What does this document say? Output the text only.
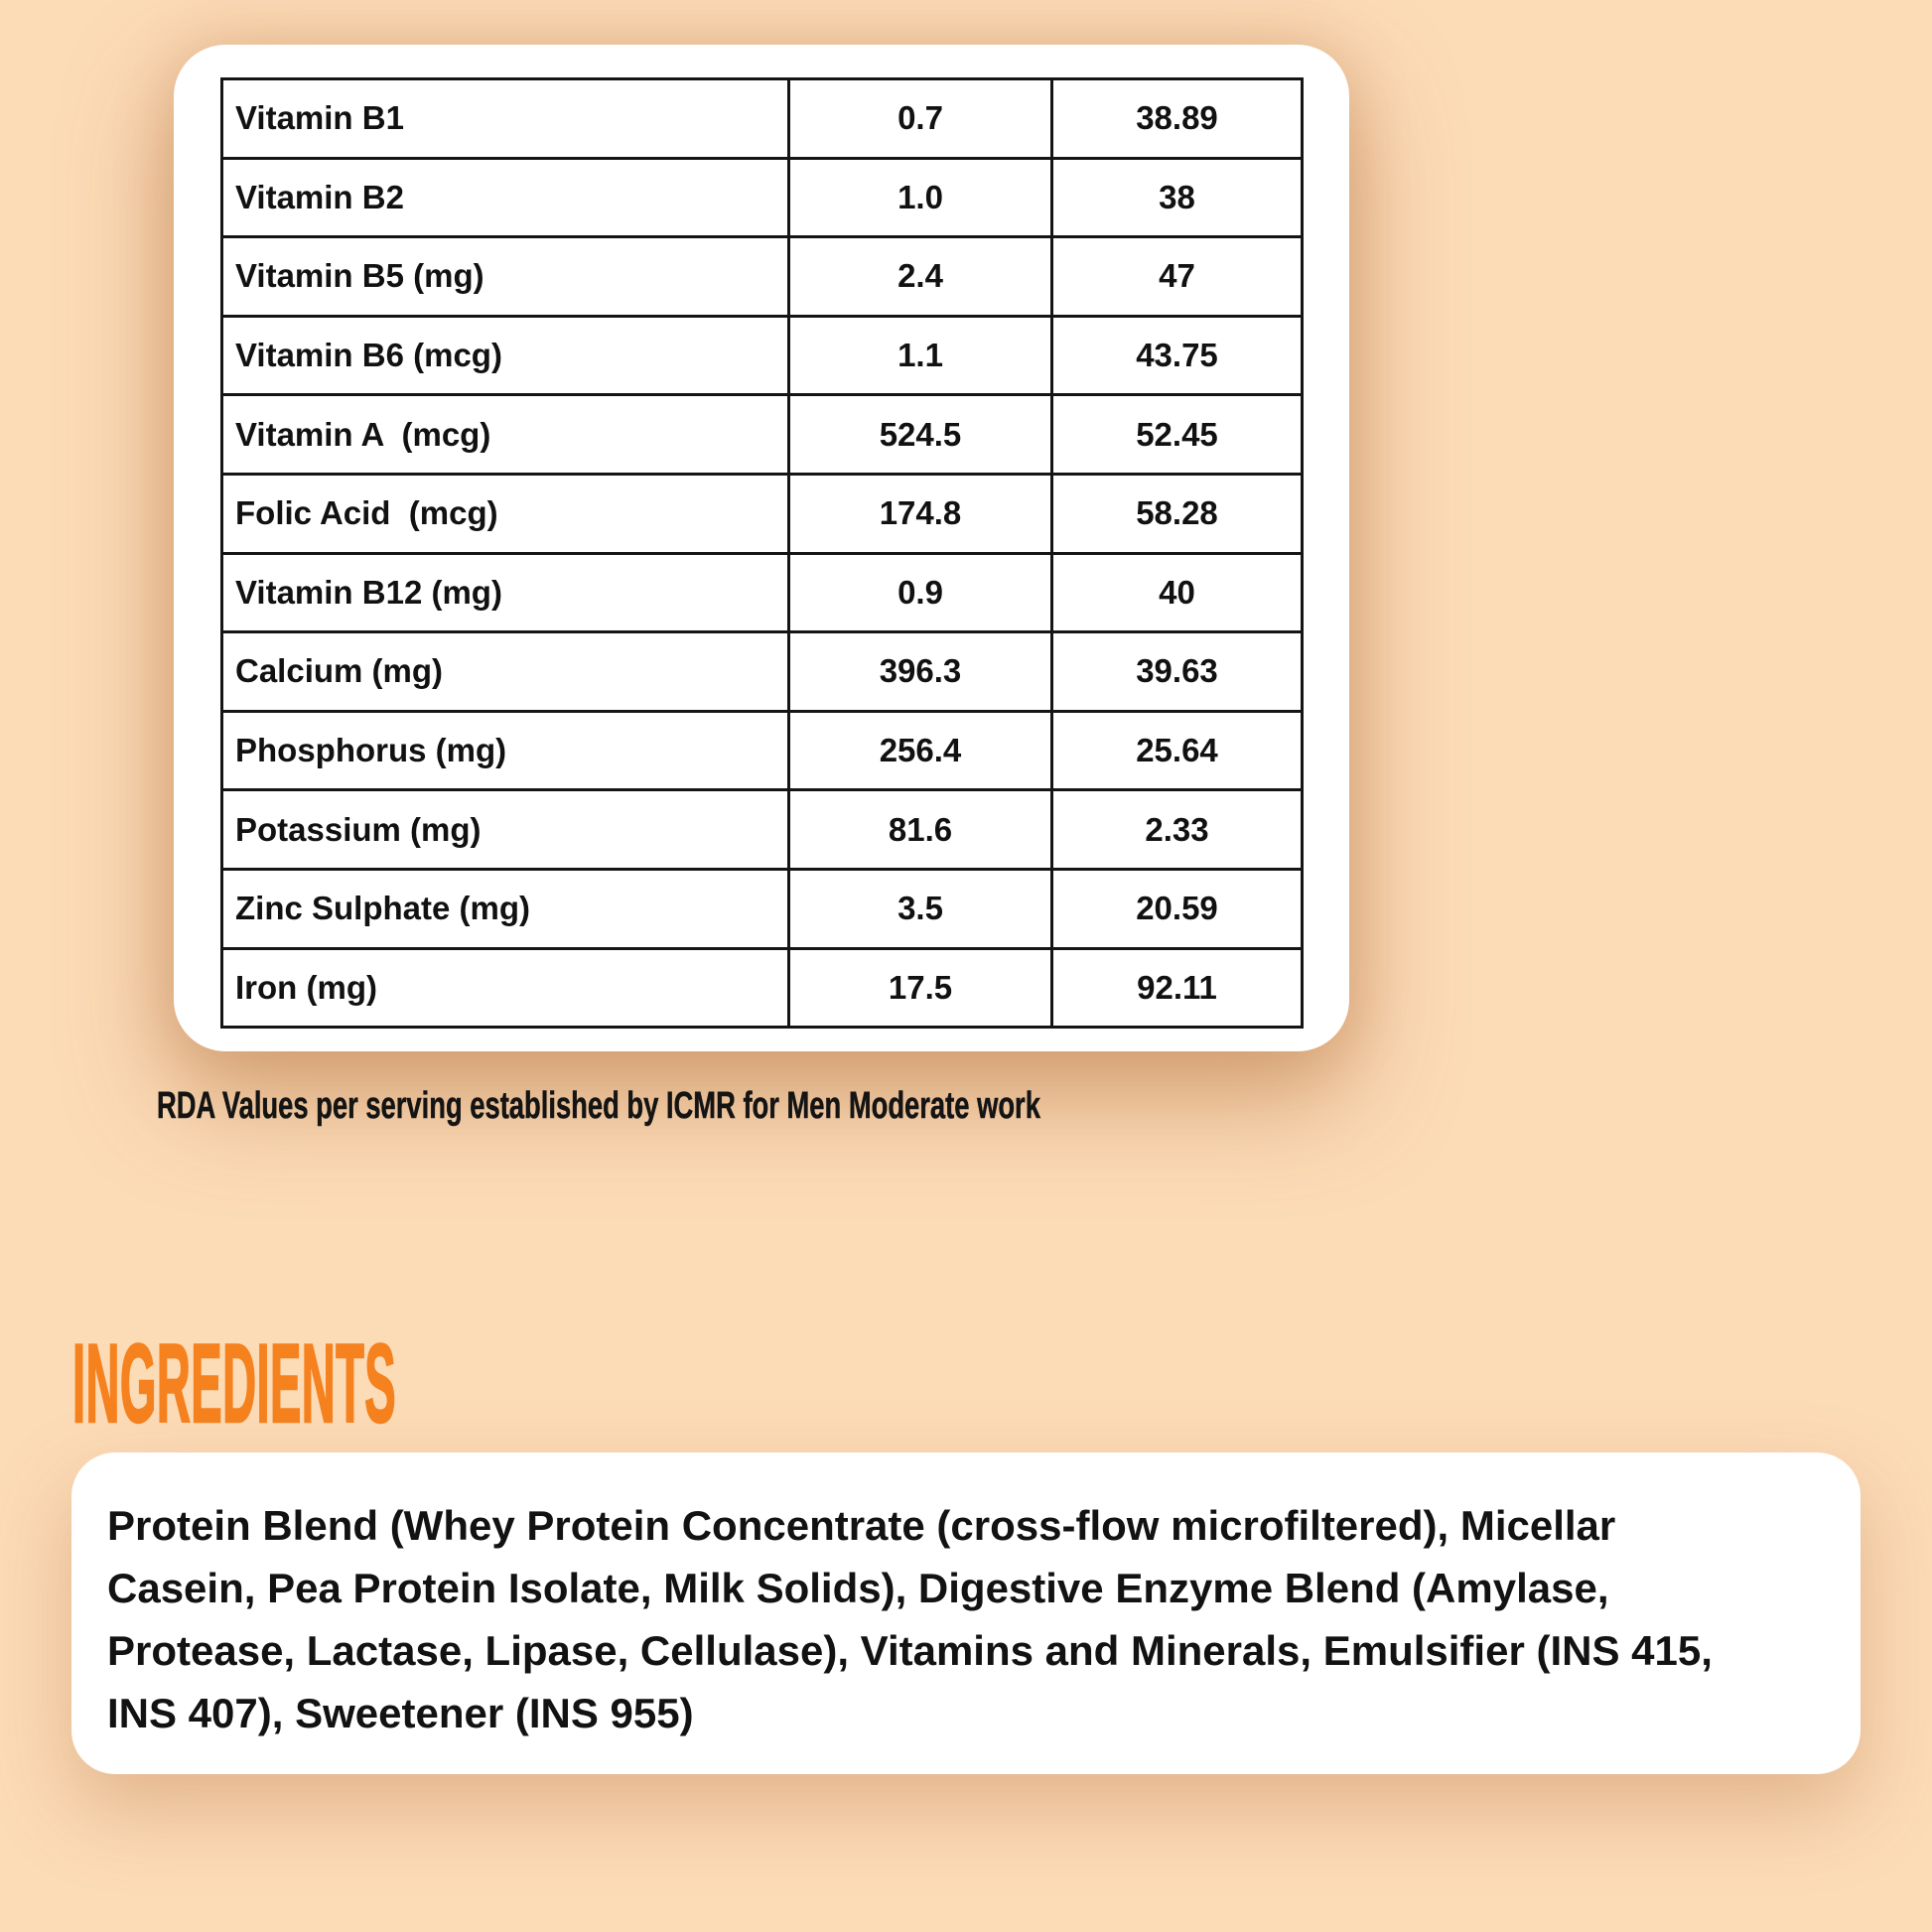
Vitamin B1	0.7	38.89
Vitamin B2	1.0	38
Vitamin B5 (mg)	2.4	47
Vitamin B6 (mcg)	1.1	43.75
Vitamin A  (mcg)	524.5	52.45
Folic Acid  (mcg)	174.8	58.28
Vitamin B12 (mg)	0.9	40
Calcium (mg)	396.3	39.63
Phosphorus (mg)	256.4	25.64
Potassium (mg)	81.6	2.33
Zinc Sulphate (mg)	3.5	20.59
Iron (mg)	17.5	92.11
RDA Values per serving established by ICMR for Men Moderate work
INGREDIENTS

Protein Blend (Whey Protein Concentrate (cross-flow microfiltered), Micellar
Casein, Pea Protein Isolate, Milk Solids), Digestive Enzyme Blend (Amylase,
Protease, Lactase, Lipase, Cellulase), Vitamins and Minerals, Emulsifier (INS 415,
INS 407), Sweetener (INS 955)
